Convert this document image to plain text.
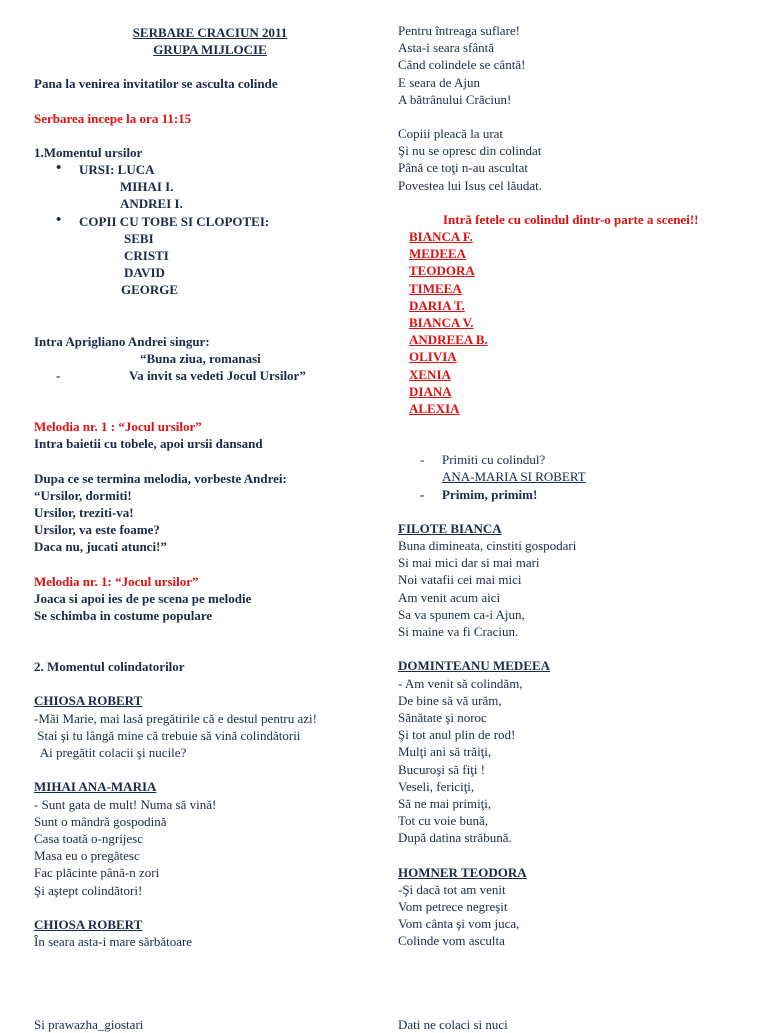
SERBARE CRACIUN 2011
GRUPA MIJLOCIE
Pana la venirea invitatilor se asculta colinde
Serbarea incepe la ora 11:15
1.Momentul ursilor
• URSI: LUCA
MIHAI I.
ANDREI I.
• COPII CU TOBE SI CLOPOTEI:
SEBI
CRISTI
DAVID
GEORGE
Intra Aprigliano Andrei singur:
“Buna ziua, romanasi
- Va invit sa vedeti Jocul Ursilor”
Melodia nr. 1 : “Jocul ursilor”
Intra baietii cu tobele, apoi ursii dansand
Dupa ce se termina melodia, vorbeste Andrei:
“Ursilor, dormiti!
Ursilor, treziti-va!
Ursilor, va este foame?
Daca nu, jucati atunci!”
Melodia nr. 1: “Jocul ursilor”
Joaca si apoi ies de pe scena pe melodie
Se schimba in costume populare
2. Momentul colindatorilor
CHIOSA ROBERT
-Măi Marie, mai lasă pregătirile că e destul pentru azi!
Stai şi tu lângă mine că trebuie să vină colindătorii
Ai pregătit colacii şi nucile?
MIHAI ANA-MARIA
- Sunt gata de mult! Numa să vină!
Sunt o mândră gospodină
Casa toată o-ngrijesc
Masa eu o pregătesc
Fac plăcinte până-n zori
Şi aştept colindători!
CHIOSA ROBERT
În seara asta-i mare sărbătoare
Si prawazha_giostari
Pentru întreaga suflare!
Asta-i seara sfântă
Când colindele se cântă!
E seara de Ajun
A bătrânului Crăciun!
Copiii pleacă la urat
Şi nu se opresc din colindat
Până ce toţi n-au ascultat
Povestea lui Isus cel lăudat.
Intră fetele cu colindul dintr-o parte a scenei!!
BIANCA F.
MEDEEA
TEODORA
TIMEEA
DARIA T.
BIANCA V.
ANDREEA B.
OLIVIA
XENIA
DIANA
ALEXIA
- Primiti cu colindul?
ANA-MARIA SI ROBERT
- Primim, primim!
FILOTE BIANCA
Buna dimineata, cinstiti gospodari
Si mai mici dar si mai mari
Noi vatafii cei mai mici
Am venit acum aici
Sa va spunem ca-i Ajun,
Si maine va fi Craciun.
DOMINTEANU MEDEEA
- Am venit să colindăm,
De bine să vă urăm,
Sănătate şi noroc
Şi tot anul plin de rod!
Mulţi ani să trăiţi,
Bucuroşi să fiţi !
Veseli, fericiţi,
Să ne mai primiţi,
Tot cu voie bună,
După datina străbună.
HOMNER TEODORA
-Şi dacă tot am venit
Vom petrece negreşit
Vom cânta şi vom juca,
Colinde vom asculta
Dati ne colaci si nuci
